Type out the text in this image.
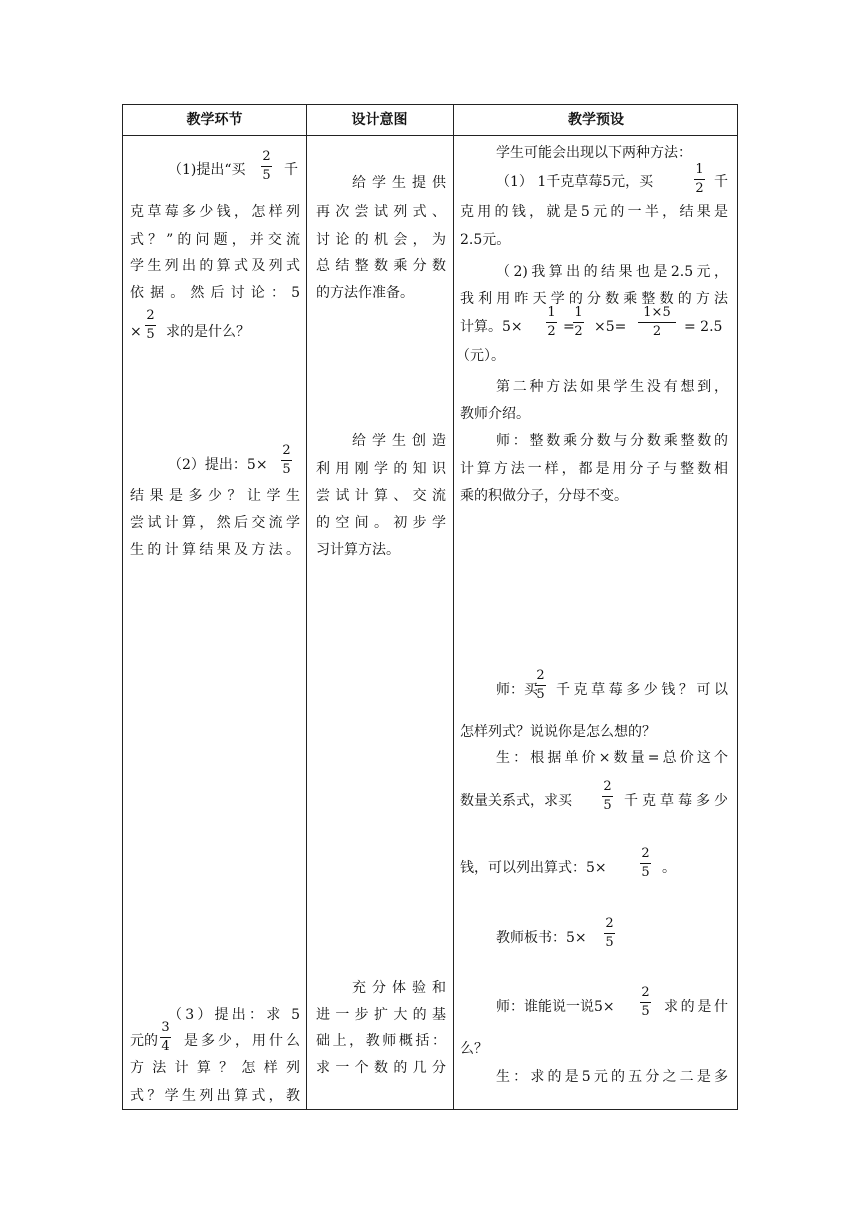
教学环节	设计意图	教学预设
（1)提出“买
2
5 千
克草莓多少钱，怎样列
式？”的问题，并交流
学生列出的算式及列式
依据。然后讨论：5
×
2
5 求的是什么？
（2）提出：5×
2
5
结果是多少？让学生
尝试计算，然后交流学
生的计算结果及方法。
（3）提出：求 5
元的
3
4 是多少，用什么
方法计算？怎样列
式？学生列出算式，教
给学生提供
再次尝试列式、
讨论的机会，为
总结整数乘分数
的方法作准备。
给学生创造
利用刚学的知识
尝试计算、交流
的空间。初步学
习计算方法。
充分体验和
进一步扩大的基
础上，教师概括：
求一个数的几分
学生可能会出现以下两种方法：
（1） 1千克草莓5元，买
1
2 千
克用的钱，就是5元的一半，结果是
2.5元。
（2)我算出的结果也是2.5元，
我利用昨天学的分数乘整数的方法
计算。5×
1
2 =
1
2 ×5=
1×5
2 = 2.5
（元）。
第二种方法如果学生没有想到，
教师介绍。
师：整数乘分数与分数乘整数的
计算方法一样，都是用分子与整数相
乘的积做分子，分母不变。
师：买
2
5 千克草莓多少钱？可以
怎样列式？说说你是怎么想的？
生：根据单价×数量=总价这个
数量关系式，求买
2
5 千克草莓多少
钱，可以列出算式：5×
2
5 。
教师板书：5×
2
5
师：谁能说一说5×
2
5 求的是什
么？
生：求的是5元的五分之二是多
